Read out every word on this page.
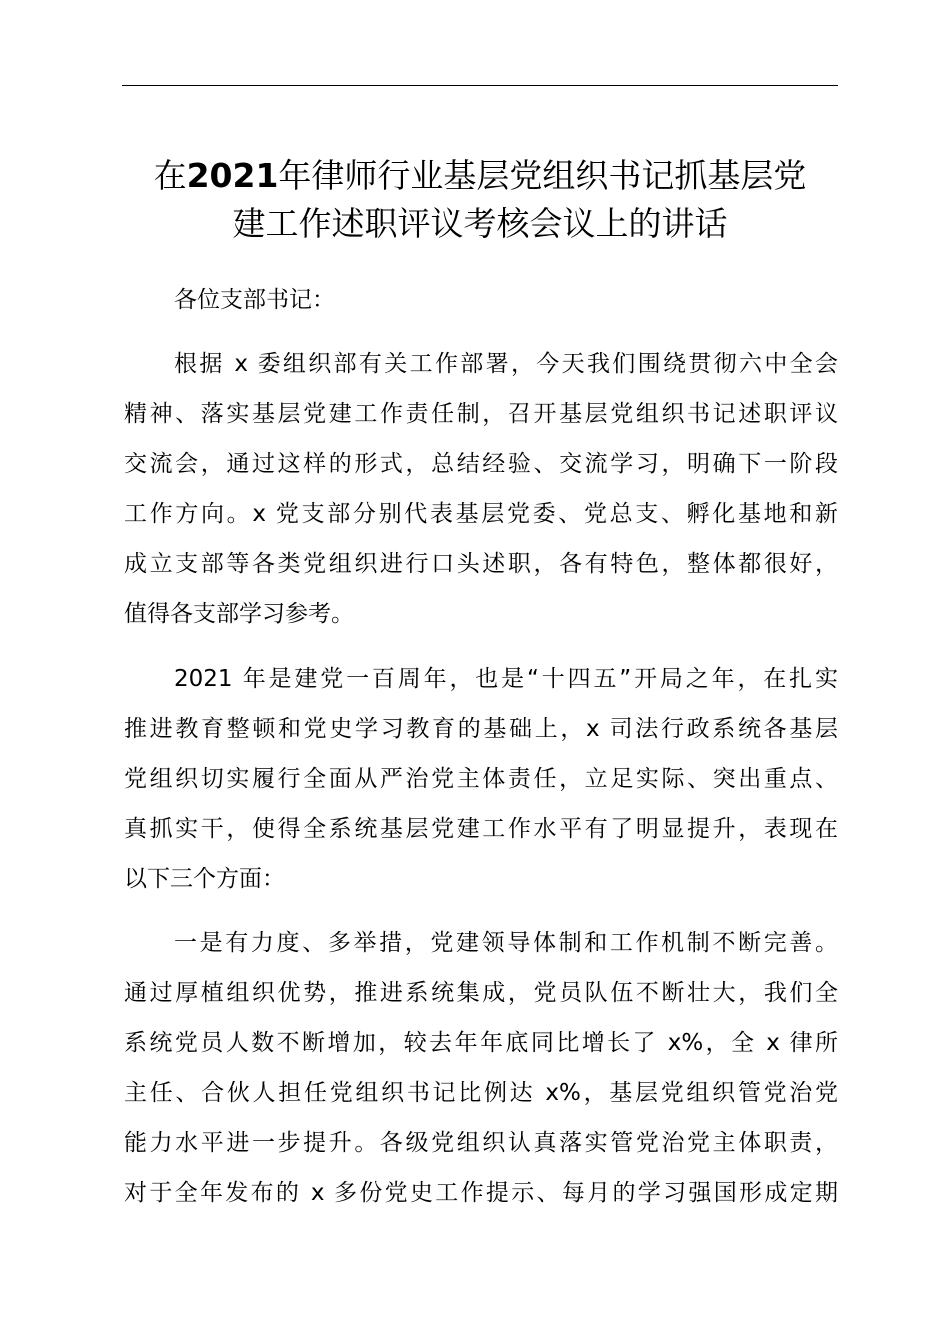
在2021年律师行业基层党组织书记抓基层党
建工作述职评议考核会议上的讲话

各位支部书记：

根据 x 委组织部有关工作部署，今天我们围绕贯彻六中全会
精神、落实基层党建工作责任制，召开基层党组织书记述职评议
交流会，通过这样的形式，总结经验、交流学习，明确下一阶段
工作方向。x 党支部分别代表基层党委、党总支、孵化基地和新
成立支部等各类党组织进行口头述职，各有特色，整体都很好，
值得各支部学习参考。

2021 年是建党一百周年，也是“十四五”开局之年，在扎实
推进教育整顿和党史学习教育的基础上，x 司法行政系统各基层
党组织切实履行全面从严治党主体责任，立足实际、突出重点、
真抓实干，使得全系统基层党建工作水平有了明显提升，表现在
以下三个方面：

一是有力度、多举措，党建领导体制和工作机制不断完善。
通过厚植组织优势，推进系统集成，党员队伍不断壮大，我们全
系统党员人数不断增加，较去年年底同比增长了 x%，全 x 律所
主任、合伙人担任党组织书记比例达 x%，基层党组织管党治党
能力水平进一步提升。各级党组织认真落实管党治党主体职责，
对于全年发布的 x 多份党史工作提示、每月的学习强国形成定期
